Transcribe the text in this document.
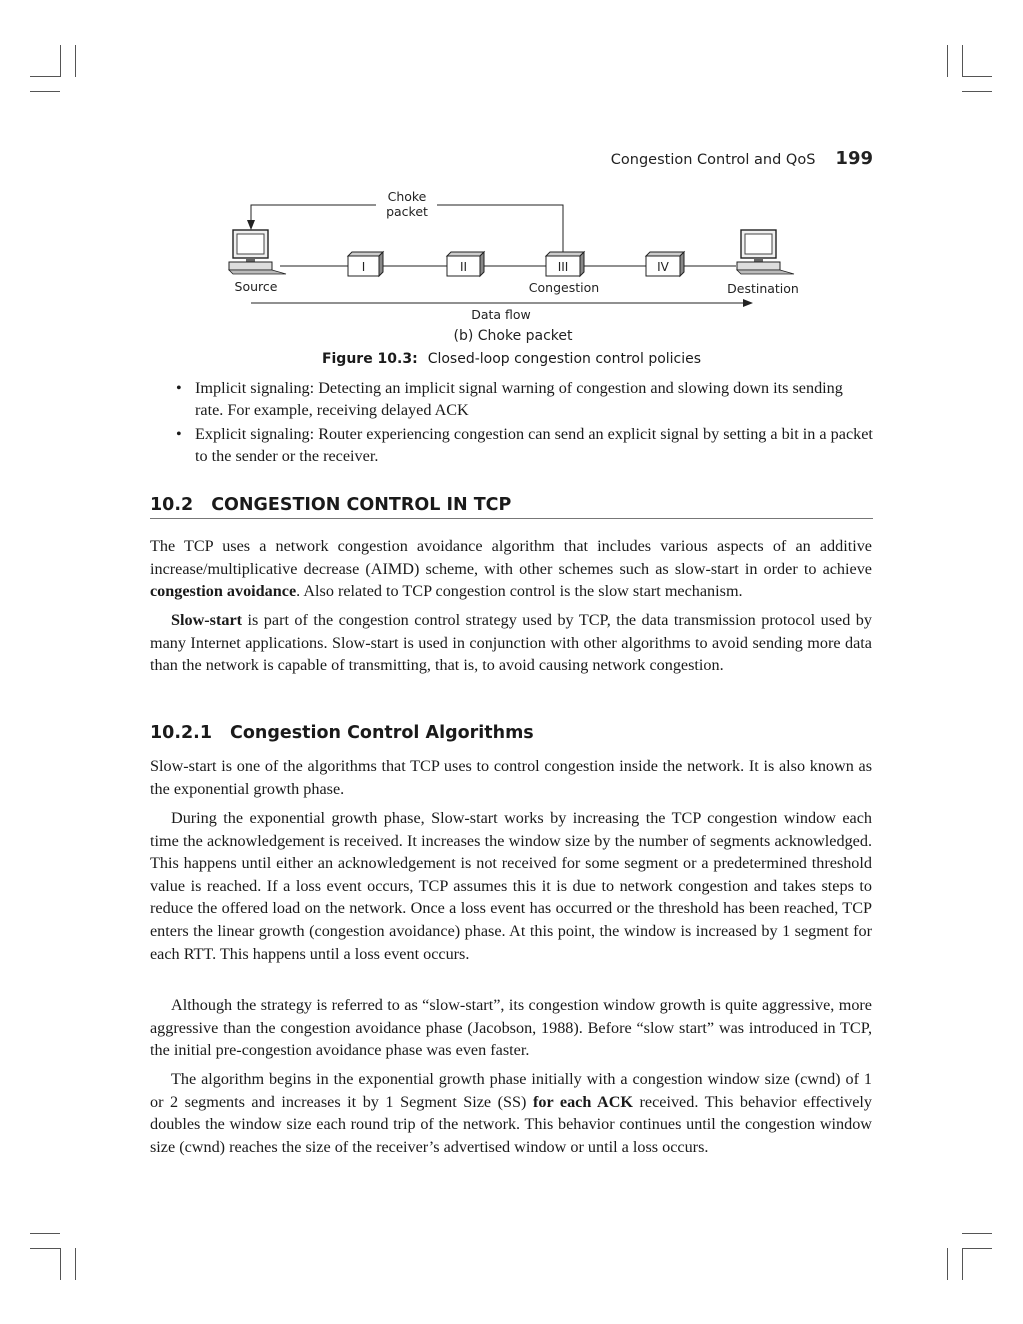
Congestion Control and QoS 199
Choke
packet
I	II	III	IV
Source	Congestion	Destination
Data flow
(b) Choke packet
Figure 10.3: Closed-loop congestion control policies
• Implicit signaling: Detecting an implicit signal warning of congestion and slowing down its sending rate. For example, receiving delayed ACK
• Explicit signaling: Router experiencing congestion can send an explicit signal by setting a bit in a packet to the sender or the receiver.
10.2 CONGESTION CONTROL IN TCP

The TCP uses a network congestion avoidance algorithm that includes various aspects of an additive increase/multiplicative decrease (AIMD) scheme, with other schemes such as slow-start in order to achieve congestion avoidance. Also related to TCP congestion control is the slow start mechanism.

Slow-start is part of the congestion control strategy used by TCP, the data transmission protocol used by many Internet applications. Slow-start is used in conjunction with other algorithms to avoid sending more data than the network is capable of transmitting, that is, to avoid causing network congestion.

10.2.1 Congestion Control Algorithms

Slow-start is one of the algorithms that TCP uses to control congestion inside the network. It is also known as the exponential growth phase.

During the exponential growth phase, Slow-start works by increasing the TCP congestion window each time the acknowledgement is received. It increases the window size by the number of segments acknowledged. This happens until either an acknowledgement is not received for some segment or a predetermined threshold value is reached. If a loss event occurs, TCP assumes this it is due to network congestion and takes steps to reduce the offered load on the network. Once a loss event has occurred or the threshold has been reached, TCP enters the linear growth (congestion avoidance) phase. At this point, the window is increased by 1 segment for each RTT. This happens until a loss event occurs.

Although the strategy is referred to as “slow-start”, its congestion window growth is quite aggressive, more aggressive than the congestion avoidance phase (Jacobson, 1988). Before “slow start” was introduced in TCP, the initial pre-congestion avoidance phase was even faster.

The algorithm begins in the exponential growth phase initially with a congestion window size (cwnd) of 1 or 2 segments and increases it by 1 Segment Size (SS) for each ACK received. This behavior effectively doubles the window size each round trip of the network. This behavior continues until the congestion window size (cwnd) reaches the size of the receiver’s advertised window or until a loss occurs.
